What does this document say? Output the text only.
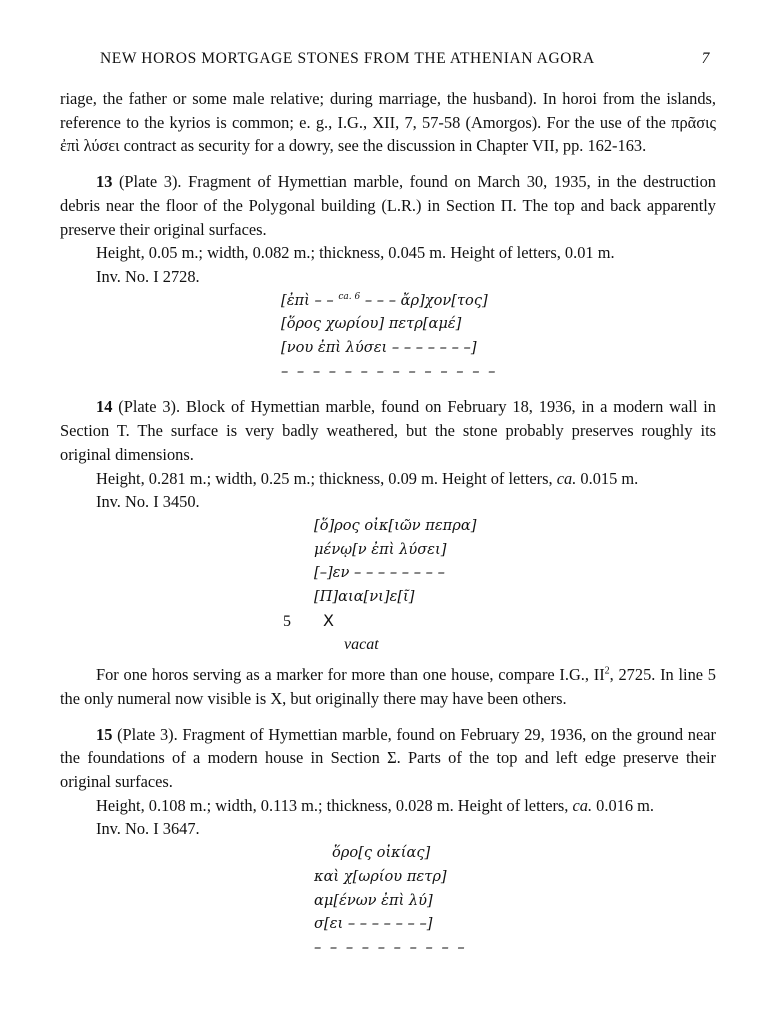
NEW HOROS MORTGAGE STONES FROM THE ATHENIAN AGORA	7

riage, the father or some male relative; during marriage, the husband). In horoi from the islands, reference to the kyrios is common; e. g., I.G., XII, 7, 57-58 (Amorgos). For the use of the πρᾶσις ἐπὶ λύσει contract as security for a dowry, see the discussion in Chapter VII, pp. 162-163.

13 (Plate 3). Fragment of Hymettian marble, found on March 30, 1935, in the destruction debris near the floor of the Polygonal building (L.R.) in Section Π. The top and back apparently preserve their original surfaces.

Height, 0.05 m.; width, 0.082 m.; thickness, 0.045 m. Height of letters, 0.01 m.

Inv. No. I 2728.

[ἐπὶ – – $^{ca. 6}$ – – – ἄρ]χον[τος]
[ὅρος χωρίου] πετρ[αμέ]
[νου ἐπὶ λύσει – – – – – – –]
– – – – – – – – – – – – – –

14 (Plate 3). Block of Hymettian marble, found on February 18, 1936, in a modern wall in Section T. The surface is very badly weathered, but the stone probably preserves roughly its original dimensions.

Height, 0.281 m.; width, 0.25 m.; thickness, 0.09 m. Height of letters, ca. 0.015 m.

Inv. No. I 3450.

[ὅ]ρος οἰκ[ιῶν πεπρα]
μένῳ[ν ἐπὶ λύσει]
[–]εν – – – – – – – –
[Π]αια[νι]ε[ῖ]
5 X
vacat

For one horos serving as a marker for more than one house, compare I.G., $II^2$, 2725. In line 5 the only numeral now visible is X, but originally there may have been others.

15 (Plate 3). Fragment of Hymettian marble, found on February 29, 1936, on the ground near the foundations of a modern house in Section Σ. Parts of the top and left edge preserve their original surfaces.

Height, 0.108 m.; width, 0.113 m.; thickness, 0.028 m. Height of letters, ca. 0.016 m.

Inv. No. I 3647.

ὅρο[ς οἰκίας]
καὶ χ[ωρίου πετρ]
αμ[ένων ἐπὶ λύ]
σ[ει – – – – – – –]
– – – – – – – – – –
